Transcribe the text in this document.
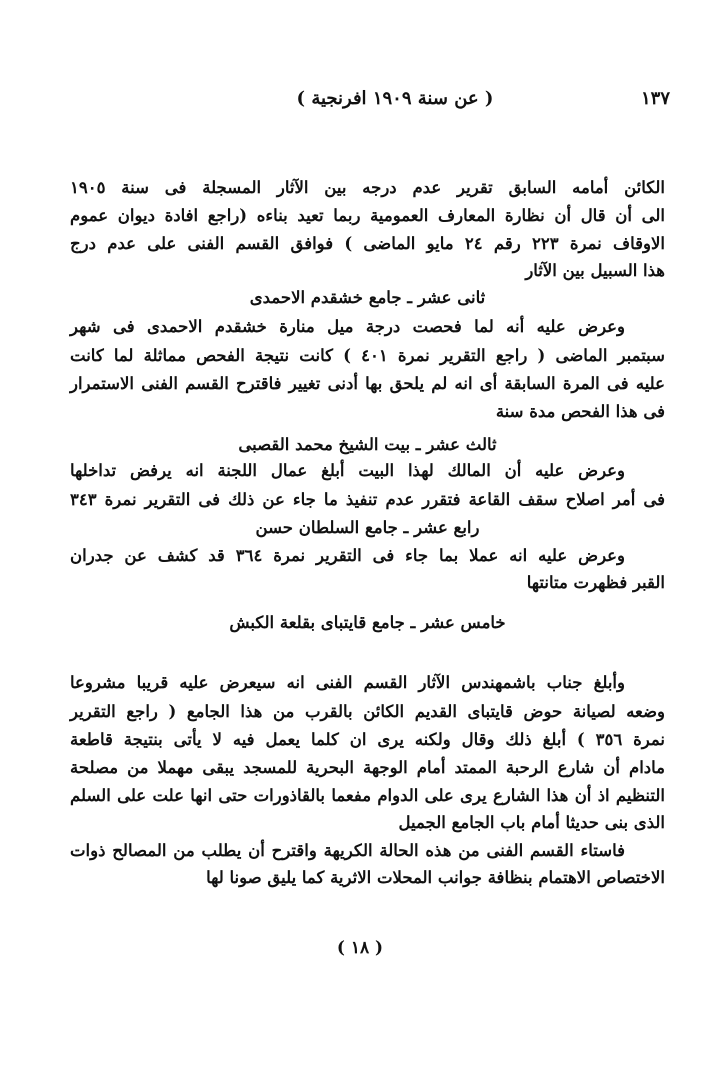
١٣٧
( عن سنة ١٩٠٩ افرنجية )
الكائن أمامه السابق تقرير عدم درجه بين الآثار المسجلة فى سنة ١٩٠٥
الى أن قال أن نظارة المعارف العمومية ربما تعيد بناءه (راجع افادة ديوان عموم
الاوقاف نمرة ٢٢٣ رقم ٢٤ مايو الماضى ) فوافق القسم الفنى على عدم درج
هذا السبيل بين الآثار
ثانى عشر ـ جامع خشقدم الاحمدى
وعرض عليه أنه لما فحصت درجة ميل منارة خشقدم الاحمدى فى شهر
سبتمبر الماضى ( راجع التقرير نمرة ٤٠١ ) كانت نتيجة الفحص مماثلة لما كانت
عليه فى المرة السابقة أى انه لم يلحق بها أدنى تغيير فاقترح القسم الفنى الاستمرار
فى هذا الفحص مدة سنة
ثالث عشر ـ بيت الشيخ محمد القصبى
وعرض عليه أن المالك لهذا البيت أبلغ عمال اللجنة انه يرفض تداخلها
فى أمر اصلاح سقف القاعة فتقرر عدم تنفيذ ما جاء عن ذلك فى التقرير نمرة ٣٤٣
رابع عشر ـ جامع السلطان حسن
وعرض عليه انه عملا بما جاء فى التقرير نمرة ٣٦٤ قد كشف عن جدران
القبر فظهرت متانتها
خامس عشر ـ جامع قايتباى بقلعة الكبش
وأبلغ جناب باشمهندس الآثار القسم الفنى انه سيعرض عليه قريبا مشروعا
وضعه لصيانة حوض قايتباى القديم الكائن بالقرب من هذا الجامع ( راجع التقرير
نمرة ٣٥٦ ) أبلغ ذلك وقال ولكنه يرى ان كلما يعمل فيه لا يأتى بنتيجة قاطعة
مادام أن شارع الرحبة الممتد أمام الوجهة البحرية للمسجد يبقى مهملا من مصلحة
التنظيم اذ أن هذا الشارع يرى على الدوام مفعما بالقاذورات حتى انها علت على السلم
الذى بنى حديثا أمام باب الجامع الجميل
فاستاء القسم الفنى من هذه الحالة الكريهة واقترح أن يطلب من المصالح ذوات
الاختصاص الاهتمام بنظافة جوانب المحلات الاثرية كما يليق صونا لها
( ١٨ )
